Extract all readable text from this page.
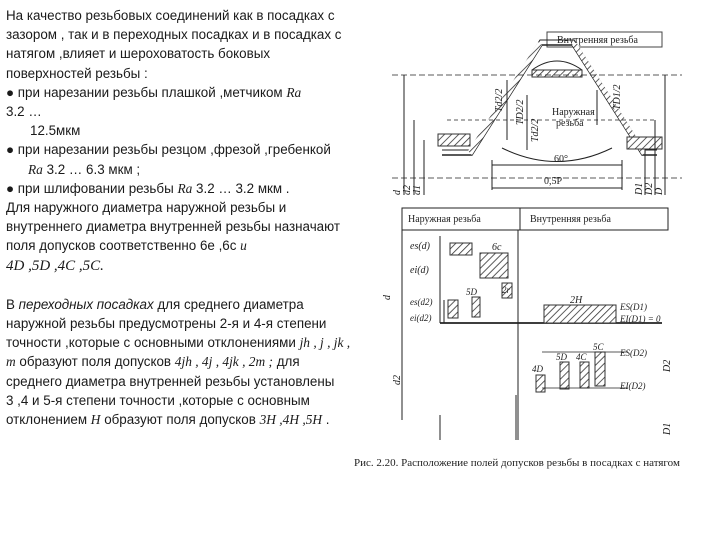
На качество резьбовых соединений как в посадках с зазором , так и в переходных посадках и в посадках с натягом ,влияет и шероховатость боковых поверхностей резьбы :

● при нарезании резьбы плашкой ,метчиком Ra

3.2 …

12.5мкм

● при нарезании резьбы резцом ,фрезой ,гребенкой

Ra 3.2 … 6.3 мкм ;

● при шлифовании резьбы Ra 3.2 … 3.2 мкм .

Для наружного диаметра наружной резьбы и внутреннего диаметра внутренней резьбы назначают поля допусков соответственно 6е ,6с и
4D ,5D ,4C ,5C.

В переходных посадках для среднего диаметра наружной резьбы предусмотрены 2-я и 4-я степени точности ,которые с основными отклонениями jh , j , jk , m образуют поля допусков 4jh , 4j , 4jk , 2m ; для среднего диаметра внутренней резьбы установлены

3 ,4 и 5-я степени точности ,которые с основным отклонением H образуют поля допусков 3H ,4H ,5H .

Внутренняя резьба
Наружная
резьба
60°
0,5P
Td2/2 TD2/2
Td2/2
TD1/2
d d2 d1	D1 D2 D
Наружная резьба	Внутренняя резьба
es(d)
ei(d)
es(d2)
ei(d2)
6c
2r
5D
2H
ES(D1)
EI(D1) = 0
ES(D2)
EI(D2)
4D
5D 4C
5C
d
d2
D1
D2
Рис. 2.20. Расположение полей допусков резьбы в посадках с натягом
